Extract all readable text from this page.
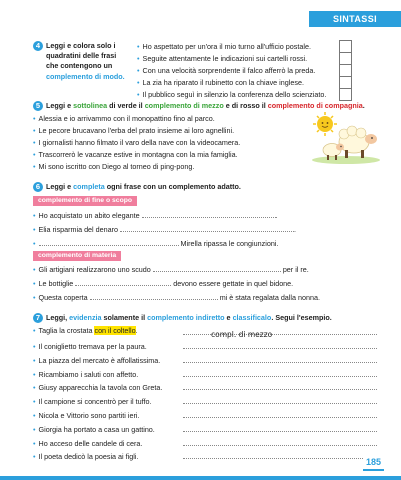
SINTASSI
4 Leggi e colora solo i
quadratini delle frasi
che contengono un
complemento di modo.
• Ho aspettato per un'ora il mio turno all'ufficio postale.
• Seguite attentamente le indicazioni sui cartelli rossi.
• Con una velocità sorprendente il falco afferrò la preda.
• La zia ha riparato il rubinetto con la chiave inglese.
• Il pubblico seguì in silenzio la conferenza dello scienziato.
5 Leggi e sottolinea di verde il complemento di mezzo e di rosso il complemento di compagnia.
• Alessia e io arrivammo con il monopattino fino al parco.
• Le pecore brucavano l'erba del prato insieme ai loro agnellini.
• I giornalisti hanno filmato il varo della nave con la videocamera.
• Trascorrerò le vacanze estive in montagna con la mia famiglia.
• Mi sono iscritto con Diego al torneo di ping-pong.
6 Leggi e completa ogni frase con un complemento adatto.
complemento di fine o scopo
• Ho acquistato un abito elegante	.
• Elia risparmia del denaro	.
•	Mirella ripassa le congiunzioni.
complemento di materia
• Gli artigiani realizzarono uno scudo	per il re.
• Le bottiglie	devono essere gettate in quel bidone.
• Questa coperta	mi è stata regalata dalla nonna.
7 Leggi, evidenzia solamente il complemento indiretto e classificalo. Segui l'esempio.
• Taglia la crostata con il coltello.	compl. di mezzo
• Il coniglietto tremava per la paura.
• La piazza del mercato è affollatissima.
• Ricambiamo i saluti con affetto.
• Giusy apparecchia la tavola con Greta.
• Il campione si concentrò per il tuffo.
• Nicola e Vittorio sono partiti ieri.
• Giorgia ha portato a casa un gattino.
• Ho acceso delle candele di cera.
• Il poeta dedicò la poesia ai figli.
185
